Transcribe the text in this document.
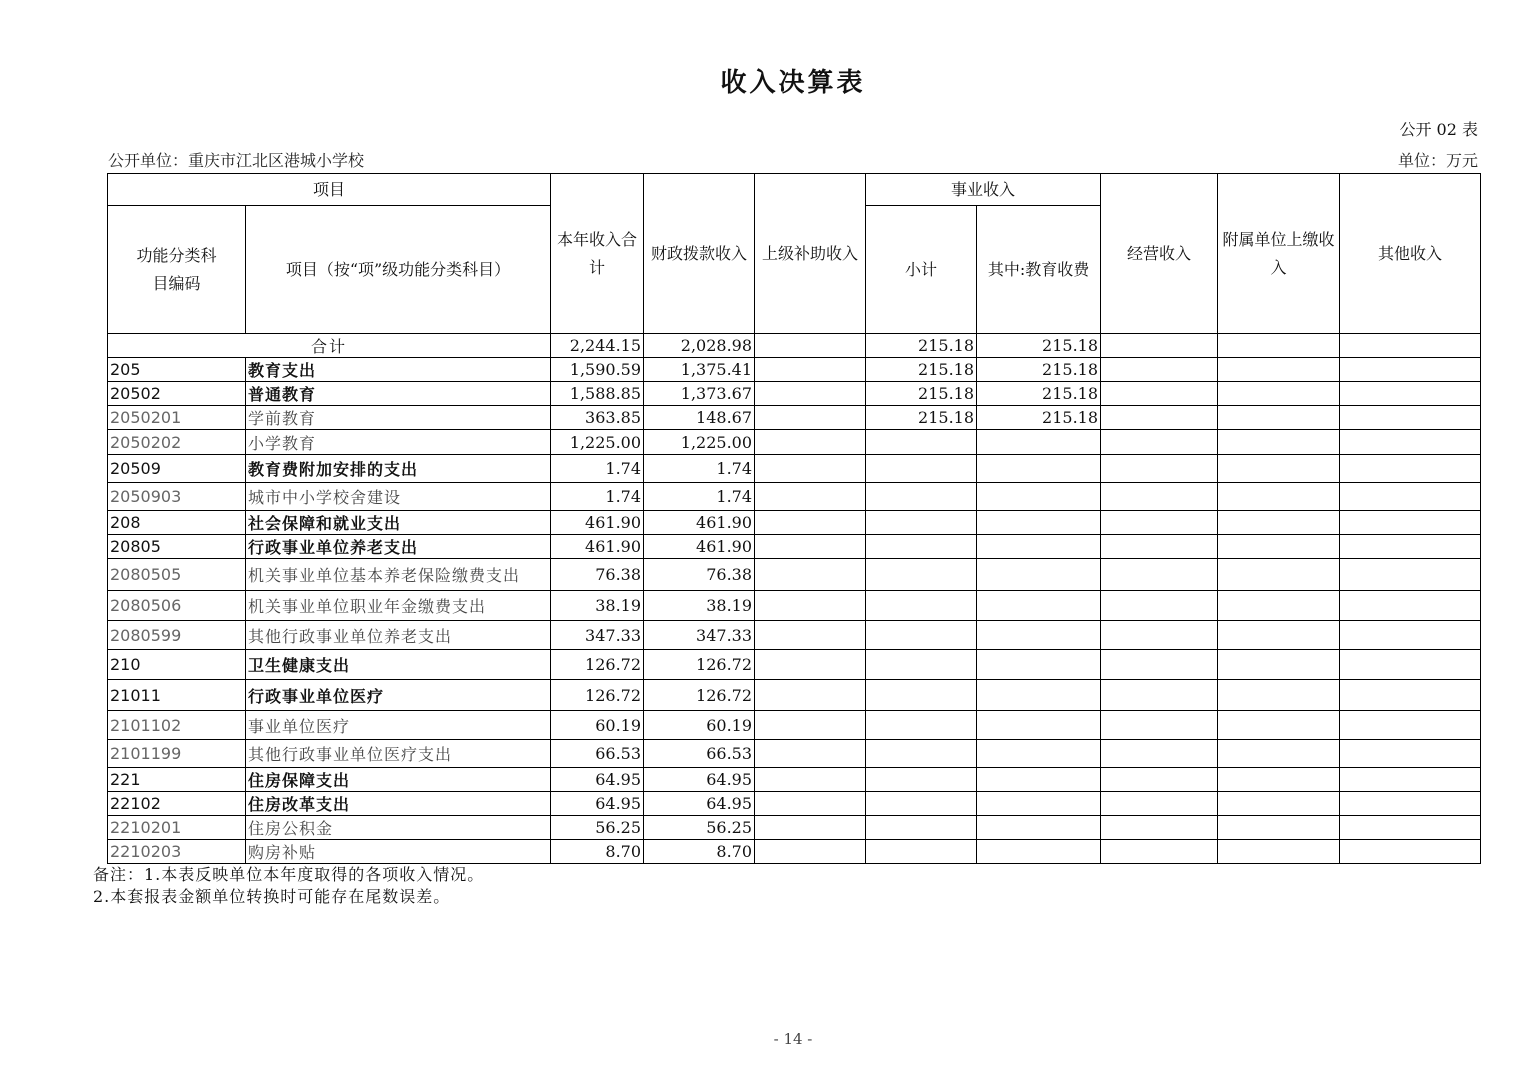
收入决算表
公开 02 表
公开单位：重庆市江北区港城小学校	单位：万元
项目		本年收入合计	财政拨款收入	上级补助收入	事业收入		经营收入	附属单位上缴收入	其他收入
功能分类科目编码	项目（按“项”级功能分类科目）				小计	其中:教育收费			
合计		2,244.15	2,028.98		215.18	215.18			
205	教育支出	1,590.59	1,375.41		215.18	215.18			
20502	普通教育	1,588.85	1,373.67		215.18	215.18			
2050201	学前教育	363.85	148.67		215.18	215.18			
2050202	小学教育	1,225.00	1,225.00						
20509	教育费附加安排的支出	1.74	1.74						
2050903	城市中小学校舍建设	1.74	1.74						
208	社会保障和就业支出	461.90	461.90						
20805	行政事业单位养老支出	461.90	461.90						
2080505	机关事业单位基本养老保险缴费支出	76.38	76.38						
2080506	机关事业单位职业年金缴费支出	38.19	38.19						
2080599	其他行政事业单位养老支出	347.33	347.33						
210	卫生健康支出	126.72	126.72						
21011	行政事业单位医疗	126.72	126.72						
2101102	事业单位医疗	60.19	60.19						
2101199	其他行政事业单位医疗支出	66.53	66.53						
221	住房保障支出	64.95	64.95						
22102	住房改革支出	64.95	64.95						
2210201	住房公积金	56.25	56.25						
2210203	购房补贴	8.70	8.70						
备注：1.本表反映单位本年度取得的各项收入情况。
2.本套报表金额单位转换时可能存在尾数误差。
- 14 -
